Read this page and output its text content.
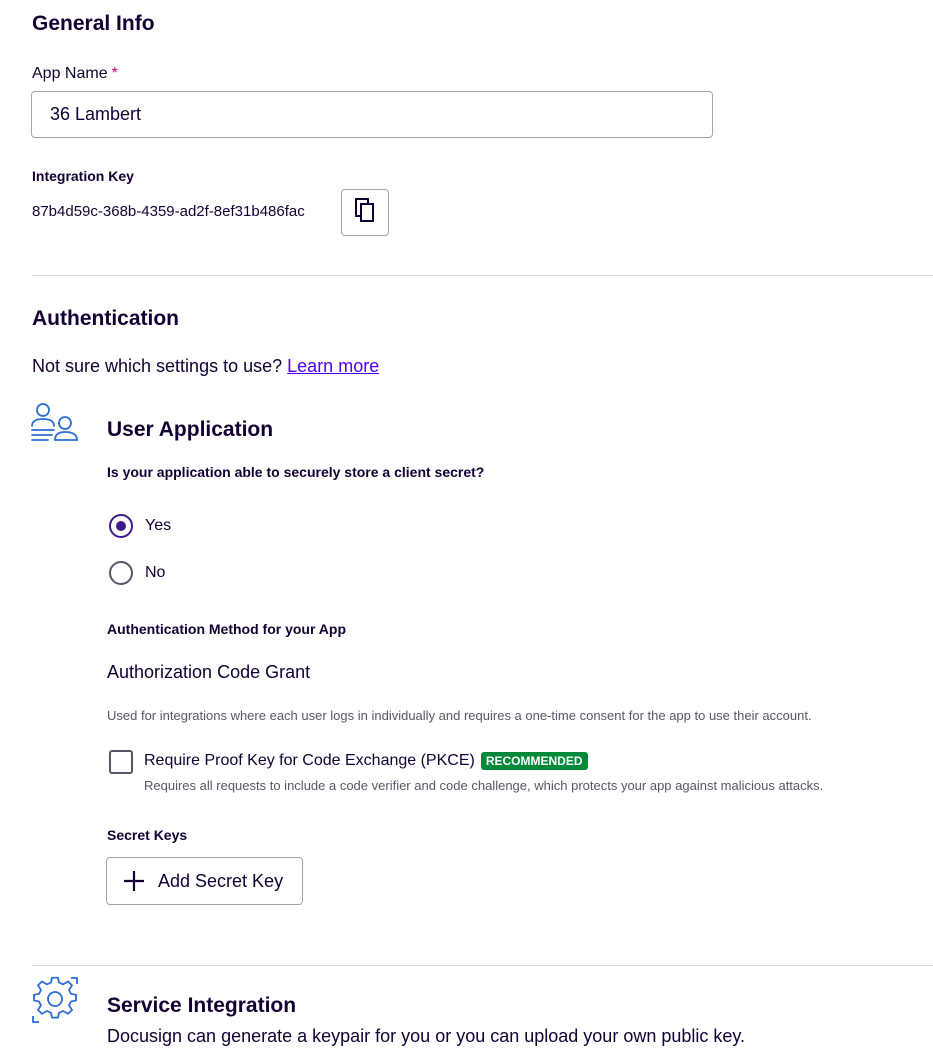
General Info
App Name *
36 Lambert
Integration Key
87b4d59c-368b-4359-ad2f-8ef31b486fac
Authentication
Not sure which settings to use? Learn more
User Application
Is your application able to securely store a client secret?
Yes
No
Authentication Method for your App
Authorization Code Grant
Used for integrations where each user logs in individually and requires a one-time consent for the app to use their account.
Require Proof Key for Code Exchange (PKCE) RECOMMENDED
Requires all requests to include a code verifier and code challenge, which protects your app against malicious attacks.
Secret Keys
Add Secret Key
Service Integration
Docusign can generate a keypair for you or you can upload your own public key.
